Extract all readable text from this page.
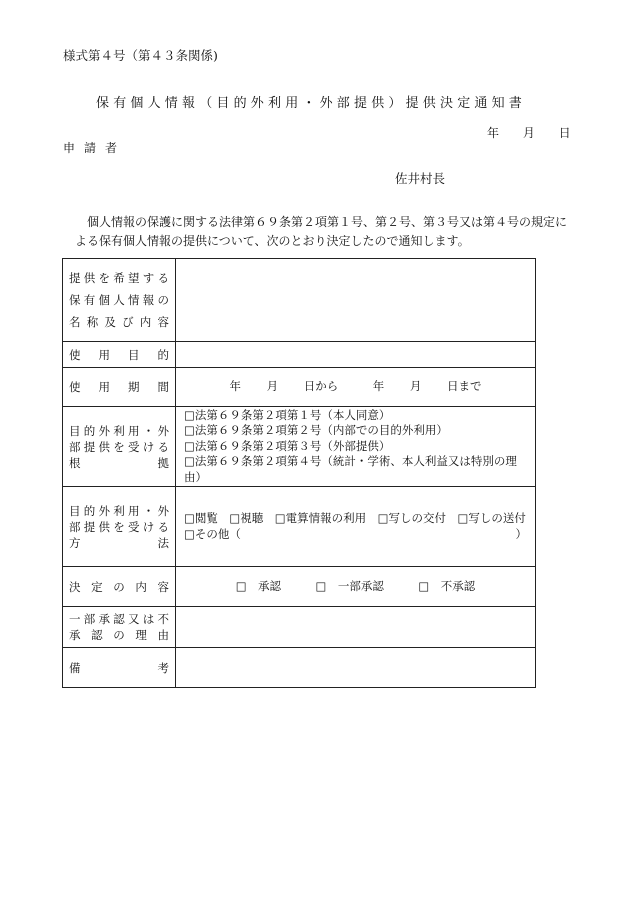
様式第４号（第４３条関係)
保有個人情報（目的外利用・外部提供）提供決定通知書
年 月 日
申請者
佐井村長
個人情報の保護に関する法律第６９条第２項第１号、第２号、第３号又は第４号の規定による保有個人情報の提供について、次のとおり決定したので通知します。
提供を希望する
保有個人情報の
名称及び内容	

使用目的	

使用期間	年 月 日から　　　年 月 日まで

目的外利用・外
部提供を受ける
根拠	□法第６９条第２項第１号（本人同意）
□法第６９条第２項第２号（内部での目的外利用）
□法第６９条第２項第３号（外部提供）
□法第６９条第２項第４号（統計・学術、本人利益又は特別の理由）

目的外利用・外
部提供を受ける
方法	□閲覧　□視聴　□電算情報の利用　□写しの交付　□写しの送付
□その他（ ）

決定の内容	□　承認　　　□　一部承認　　　□　不承認

一部承認又は不
承認の理由	

備考	
